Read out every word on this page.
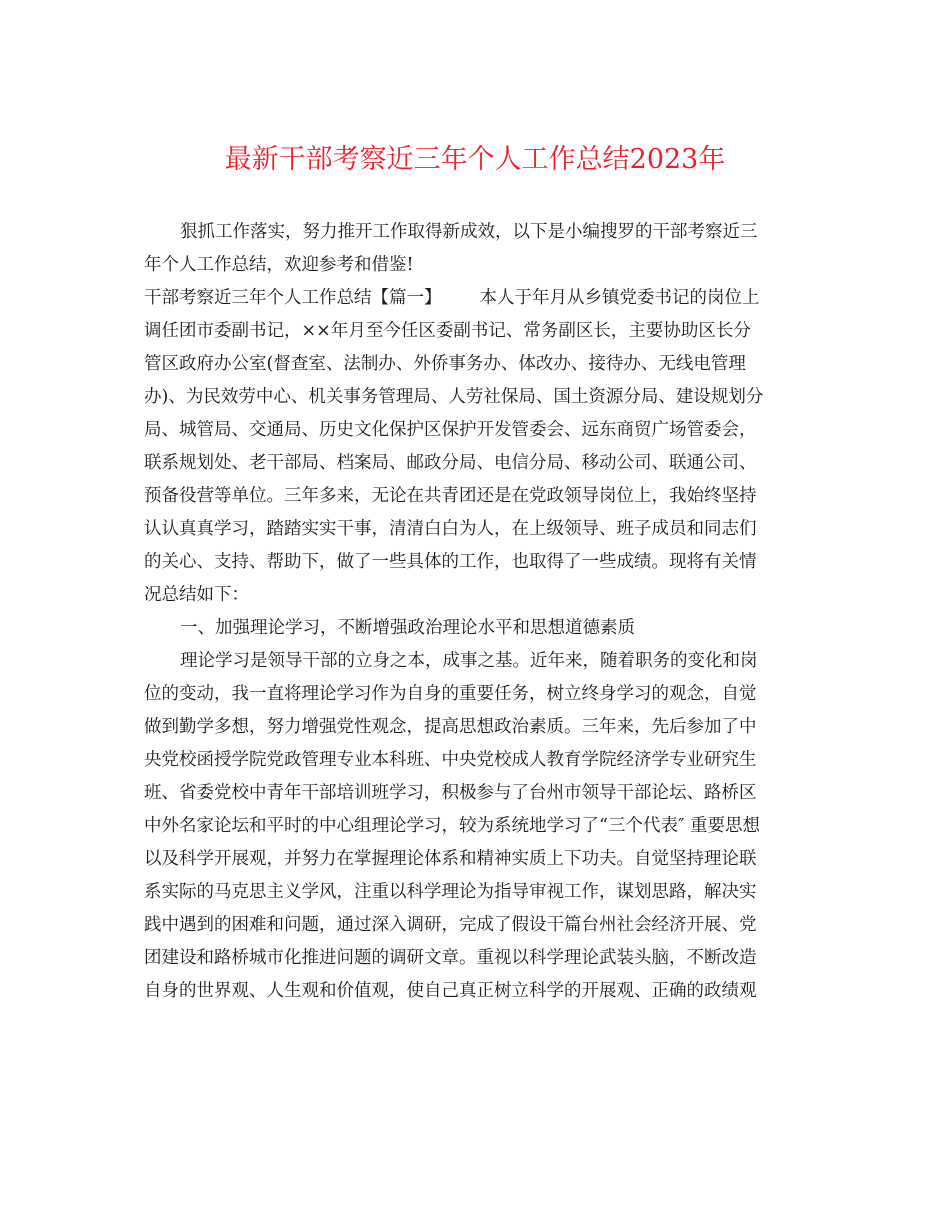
最新干部考察近三年个人工作总结2023年
狠抓工作落实，努力推开工作取得新成效，以下是小编搜罗的干部考察近三
年个人工作总结，欢迎参考和借鉴!
干部考察近三年个人工作总结【篇一】 本人于年月从乡镇党委书记的岗位上
调任团市委副书记，××年月至今任区委副书记、常务副区长，主要协助区长分
管区政府办公室(督查室、法制办、外侨事务办、体改办、接待办、无线电管理
办)、为民效劳中心、机关事务管理局、人劳社保局、国土资源分局、建设规划分
局、城管局、交通局、历史文化保护区保护开发管委会、远东商贸广场管委会，
联系规划处、老干部局、档案局、邮政分局、电信分局、移动公司、联通公司、
预备役营等单位。三年多来，无论在共青团还是在党政领导岗位上，我始终坚持
认认真真学习，踏踏实实干事，清清白白为人，在上级领导、班子成员和同志们
的关心、支持、帮助下，做了一些具体的工作，也取得了一些成绩。现将有关情
况总结如下：
一、加强理论学习，不断增强政治理论水平和思想道德素质
理论学习是领导干部的立身之本，成事之基。近年来，随着职务的变化和岗
位的变动，我一直将理论学习作为自身的重要任务，树立终身学习的观念，自觉
做到勤学多想，努力增强党性观念，提高思想政治素质。三年来，先后参加了中
央党校函授学院党政管理专业本科班、中央党校成人教育学院经济学专业研究生
班、省委党校中青年干部培训班学习，积极参与了台州市领导干部论坛、路桥区
中外名家论坛和平时的中心组理论学习，较为系统地学习了“三个代表″ 重要思想
以及科学开展观，并努力在掌握理论体系和精神实质上下功夫。自觉坚持理论联
系实际的马克思主义学风，注重以科学理论为指导审视工作，谋划思路，解决实
践中遇到的困难和问题，通过深入调研，完成了假设干篇台州社会经济开展、党
团建设和路桥城市化推进问题的调研文章。重视以科学理论武装头脑，不断改造
自身的世界观、人生观和价值观，使自己真正树立科学的开展观、正确的政绩观
